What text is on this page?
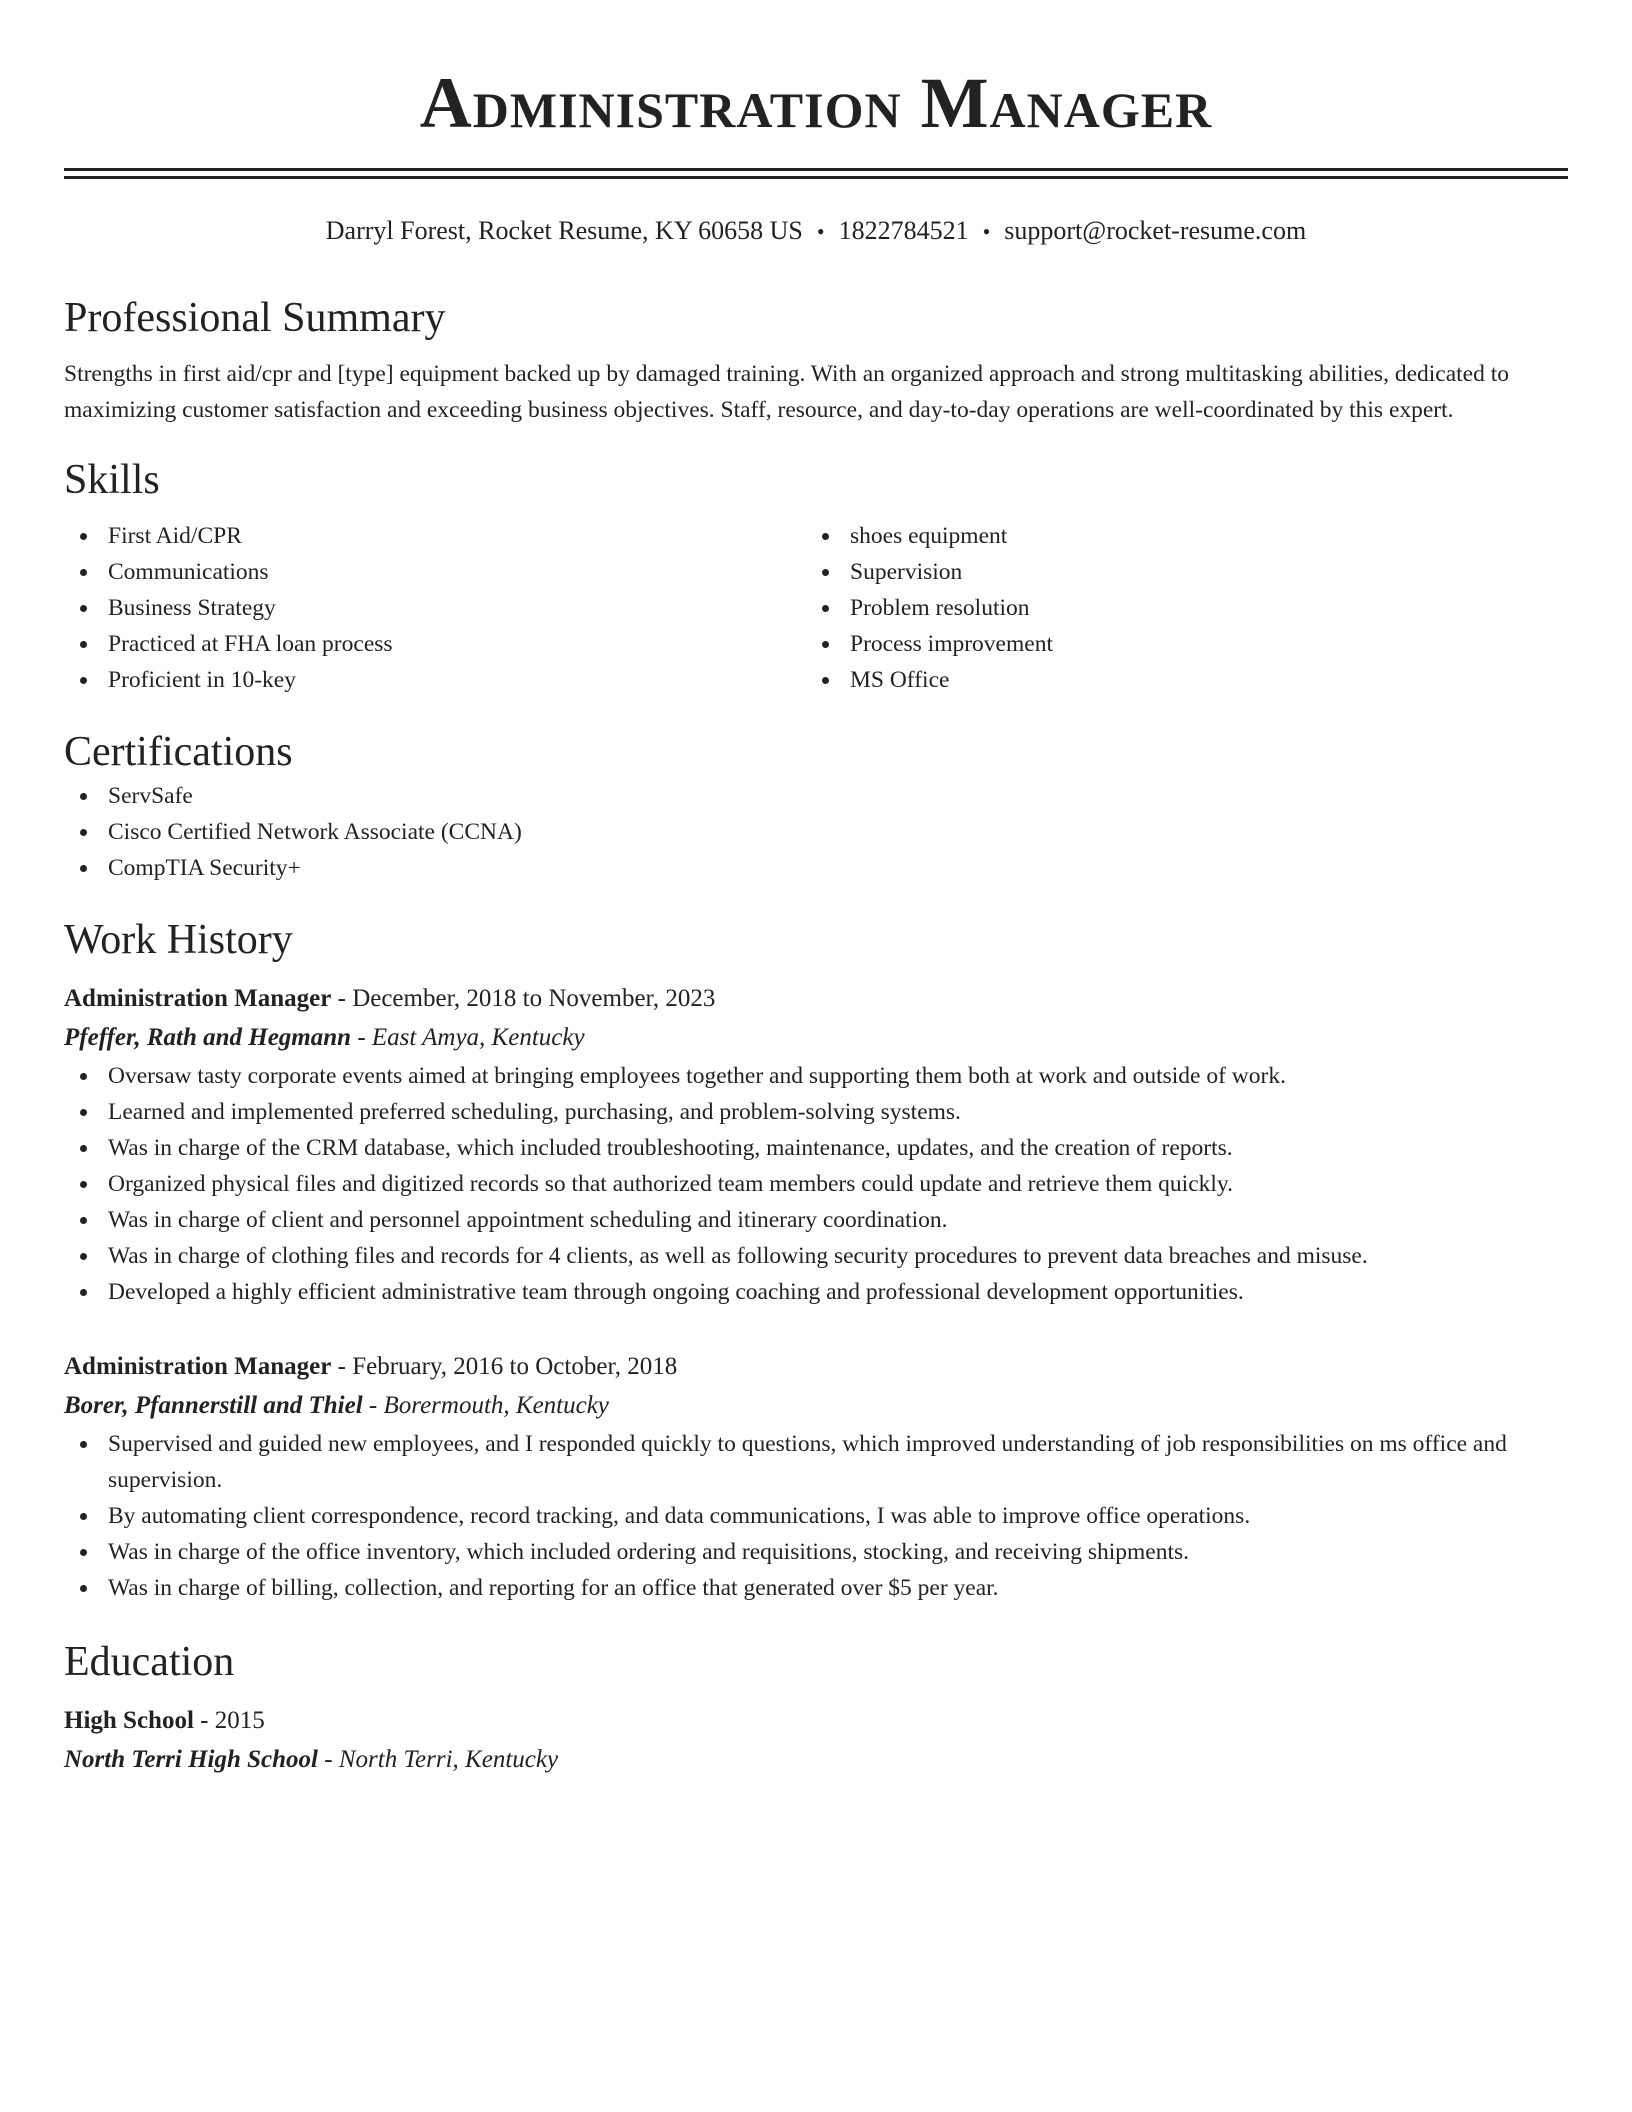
Administration Manager
Darryl Forest, Rocket Resume, KY 60658 US • 1822784521 • support@rocket-resume.com
Professional Summary
Strengths in first aid/cpr and [type] equipment backed up by damaged training. With an organized approach and strong multitasking abilities, dedicated to maximizing customer satisfaction and exceeding business objectives. Staff, resource, and day-to-day operations are well-coordinated by this expert.
Skills
First Aid/CPR
Communications
Business Strategy
Practiced at FHA loan process
Proficient in 10-key
shoes equipment
Supervision
Problem resolution
Process improvement
MS Office
Certifications
ServSafe
Cisco Certified Network Associate (CCNA)
CompTIA Security+
Work History
Administration Manager - December, 2018 to November, 2023
Pfeffer, Rath and Hegmann - East Amya, Kentucky
Oversaw tasty corporate events aimed at bringing employees together and supporting them both at work and outside of work.
Learned and implemented preferred scheduling, purchasing, and problem-solving systems.
Was in charge of the CRM database, which included troubleshooting, maintenance, updates, and the creation of reports.
Organized physical files and digitized records so that authorized team members could update and retrieve them quickly.
Was in charge of client and personnel appointment scheduling and itinerary coordination.
Was in charge of clothing files and records for 4 clients, as well as following security procedures to prevent data breaches and misuse.
Developed a highly efficient administrative team through ongoing coaching and professional development opportunities.
Administration Manager - February, 2016 to October, 2018
Borer, Pfannerstill and Thiel - Borermouth, Kentucky
Supervised and guided new employees, and I responded quickly to questions, which improved understanding of job responsibilities on ms office and supervision.
By automating client correspondence, record tracking, and data communications, I was able to improve office operations.
Was in charge of the office inventory, which included ordering and requisitions, stocking, and receiving shipments.
Was in charge of billing, collection, and reporting for an office that generated over $5 per year.
Education
High School - 2015
North Terri High School - North Terri, Kentucky
